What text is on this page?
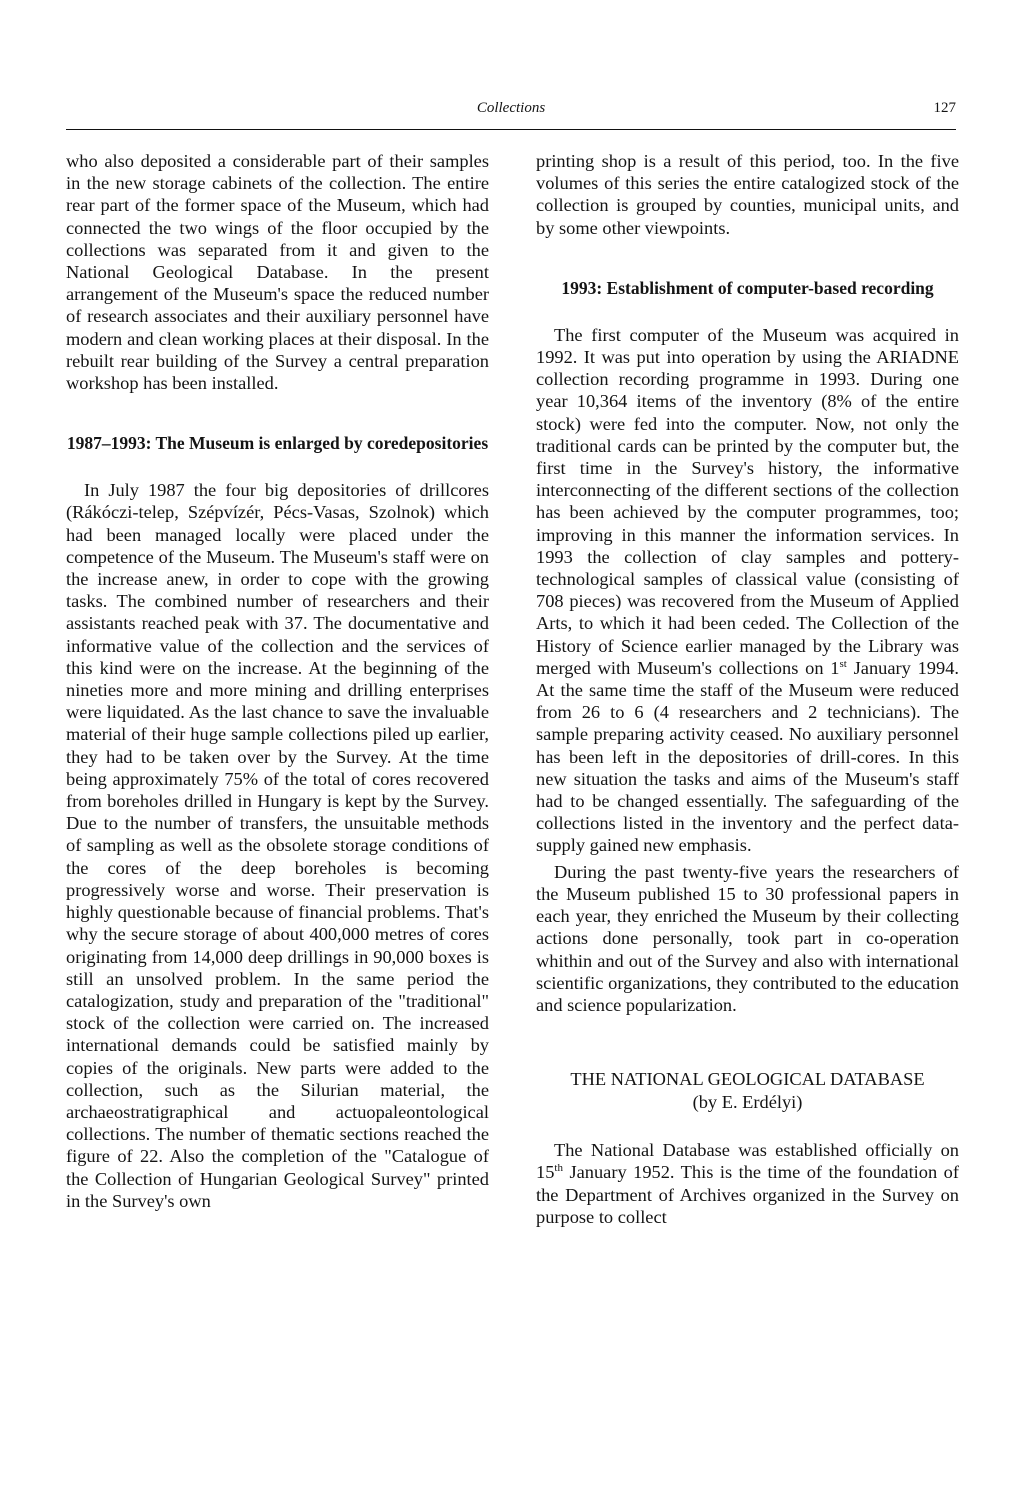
Collections	127

who also deposited a considerable part of their samples in the new storage cabinets of the collection. The entire rear part of the former space of the Museum, which had connected the two wings of the floor occupied by the collections was separated from it and given to the National Geological Database. In the present arrangement of the Museum's space the reduced number of research associates and their auxiliary personnel have modern and clean working places at their disposal. In the rebuilt rear building of the Survey a central preparation workshop has been installed.

1987–1993: The Museum is enlarged by coredepositories

In July 1987 the four big depositories of drillcores (Rákóczi-telep, Szépvízér, Pécs-Vasas, Szolnok) which had been managed locally were placed under the competence of the Museum. The Museum's staff were on the increase anew, in order to cope with the growing tasks. The combined number of researchers and their assistants reached peak with 37. The documentative and informative value of the collection and the services of this kind were on the increase. At the beginning of the nineties more and more mining and drilling enterprises were liquidated. As the last chance to save the invaluable material of their huge sample collections piled up earlier, they had to be taken over by the Survey. At the time being approximately 75% of the total of cores recovered from boreholes drilled in Hungary is kept by the Survey. Due to the number of transfers, the unsuitable methods of sampling as well as the obsolete storage conditions of the cores of the deep boreholes is becoming progressively worse and worse. Their preservation is highly questionable because of financial problems. That's why the secure storage of about 400,000 metres of cores originating from 14,000 deep drillings in 90,000 boxes is still an unsolved problem. In the same period the catalogization, study and preparation of the "traditional" stock of the collection were carried on. The increased international demands could be satisfied mainly by copies of the originals. New parts were added to the collection, such as the Silurian material, the archaeostratigraphical and actuopaleontological collections. The number of thematic sections reached the figure of 22. Also the completion of the "Catalogue of the Collection of Hungarian Geological Survey" printed in the Survey's own

printing shop is a result of this period, too. In the five volumes of this series the entire catalogized stock of the collection is grouped by counties, municipal units, and by some other viewpoints.

1993: Establishment of computer-based recording

The first computer of the Museum was acquired in 1992. It was put into operation by using the ARIADNE collection recording programme in 1993. During one year 10,364 items of the inventory (8% of the entire stock) were fed into the computer. Now, not only the traditional cards can be printed by the computer but, the first time in the Survey's history, the informative interconnecting of the different sections of the collection has been achieved by the computer programmes, too; improving in this manner the information services. In 1993 the collection of clay samples and pottery-technological samples of classical value (consisting of 708 pieces) was recovered from the Museum of Applied Arts, to which it had been ceded. The Collection of the History of Science earlier managed by the Library was merged with Museum's collections on 1st January 1994. At the same time the staff of the Museum were reduced from 26 to 6 (4 researchers and 2 technicians). The sample preparing activity ceased. No auxiliary personnel has been left in the depositories of drill-cores. In this new situation the tasks and aims of the Museum's staff had to be changed essentially. The safeguarding of the collections listed in the inventory and the perfect data-supply gained new emphasis.

During the past twenty-five years the researchers of the Museum published 15 to 30 professional papers in each year, they enriched the Museum by their collecting actions done personally, took part in co-operation whithin and out of the Survey and also with international scientific organizations, they contributed to the education and science popularization.

THE NATIONAL GEOLOGICAL DATABASE
(by E. Erdélyi)

The National Database was established officially on 15th January 1952. This is the time of the foundation of the Department of Archives organized in the Survey on purpose to collect
